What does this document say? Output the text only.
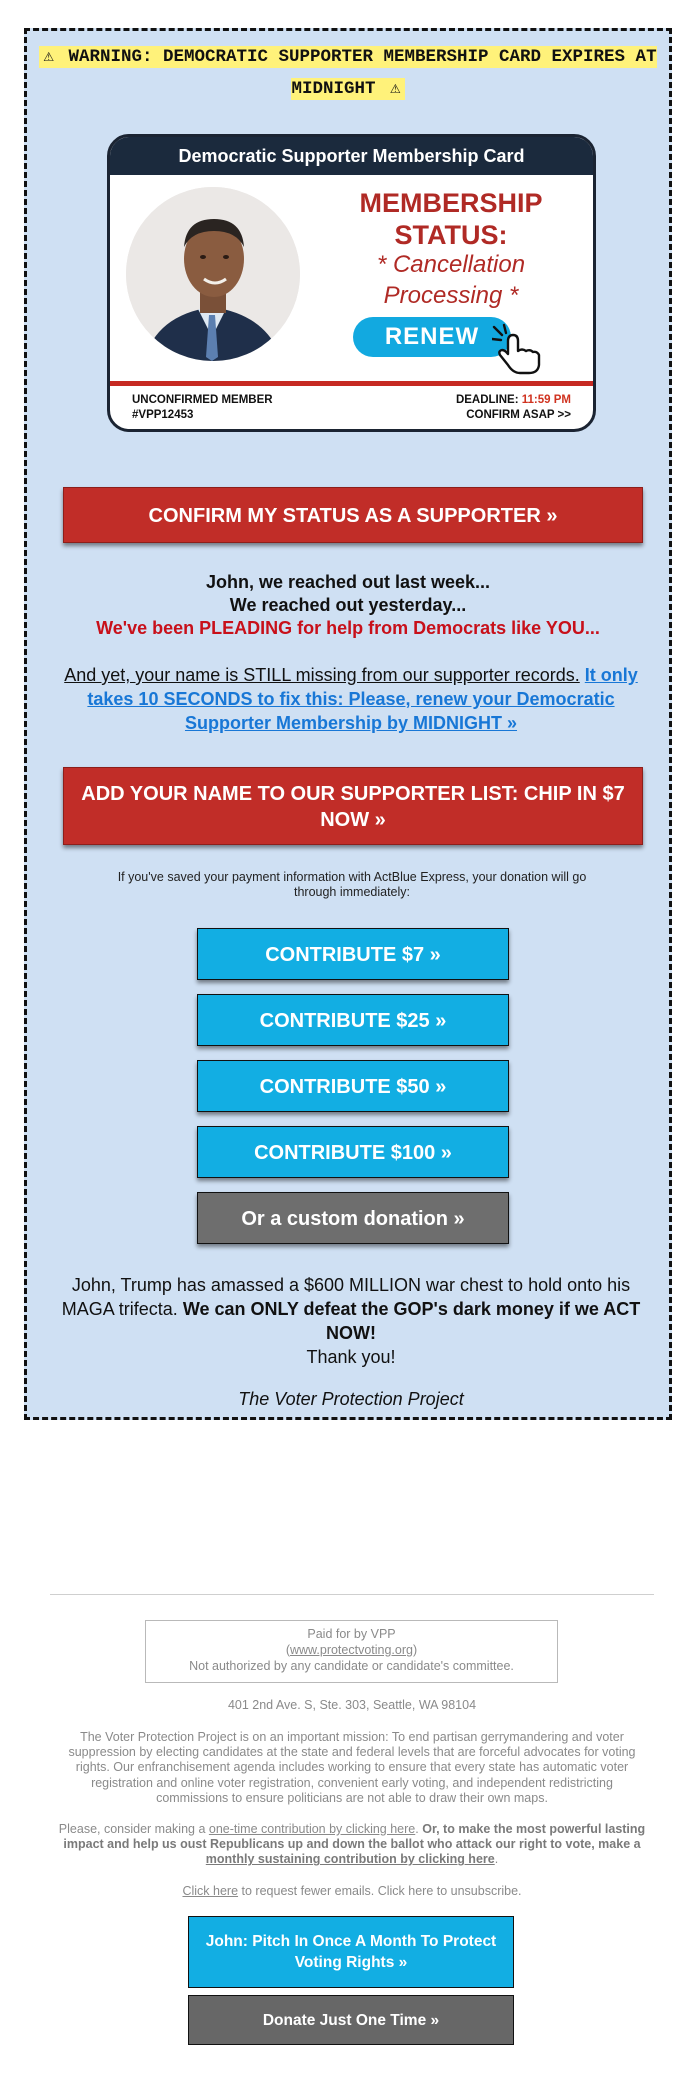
⚠ WARNING: DEMOCRATIC SUPPORTER MEMBERSHIP CARD EXPIRES AT MIDNIGHT ⚠
Democratic Supporter Membership Card
MEMBERSHIP STATUS:
* Cancellation Processing *
RENEW
UNCONFIRMED MEMBER
#VPP12453
DEADLINE: 11:59 PM
CONFIRM ASAP >>
CONFIRM MY STATUS AS A SUPPORTER »
John, we reached out last week...
We reached out yesterday...
We've been PLEADING for help from Democrats like YOU...
And yet, your name is STILL missing from our supporter records. It only takes 10 SECONDS to fix this: Please, renew your Democratic Supporter Membership by MIDNIGHT »
ADD YOUR NAME TO OUR SUPPORTER LIST: CHIP IN $7 NOW »
If you've saved your payment information with ActBlue Express, your donation will go through immediately:
CONTRIBUTE $7 »
CONTRIBUTE $25 »
CONTRIBUTE $50 »
CONTRIBUTE $100 »
Or a custom donation »
John, Trump has amassed a $600 MILLION war chest to hold onto his MAGA trifecta. We can ONLY defeat the GOP's dark money if we ACT NOW!
Thank you!
The Voter Protection Project
Paid for by VPP
(www.protectvoting.org)
Not authorized by any candidate or candidate's committee.
401 2nd Ave. S, Ste. 303, Seattle, WA 98104
The Voter Protection Project is on an important mission: To end partisan gerrymandering and voter suppression by electing candidates at the state and federal levels that are forceful advocates for voting rights. Our enfranchisement agenda includes working to ensure that every state has automatic voter registration and online voter registration, convenient early voting, and independent redistricting commissions to ensure politicians are not able to draw their own maps.
Please, consider making a one-time contribution by clicking here. Or, to make the most powerful lasting impact and help us oust Republicans up and down the ballot who attack our right to vote, make a monthly sustaining contribution by clicking here.
Click here to request fewer emails. Click here to unsubscribe.
John: Pitch In Once A Month To Protect Voting Rights »
Donate Just One Time »
